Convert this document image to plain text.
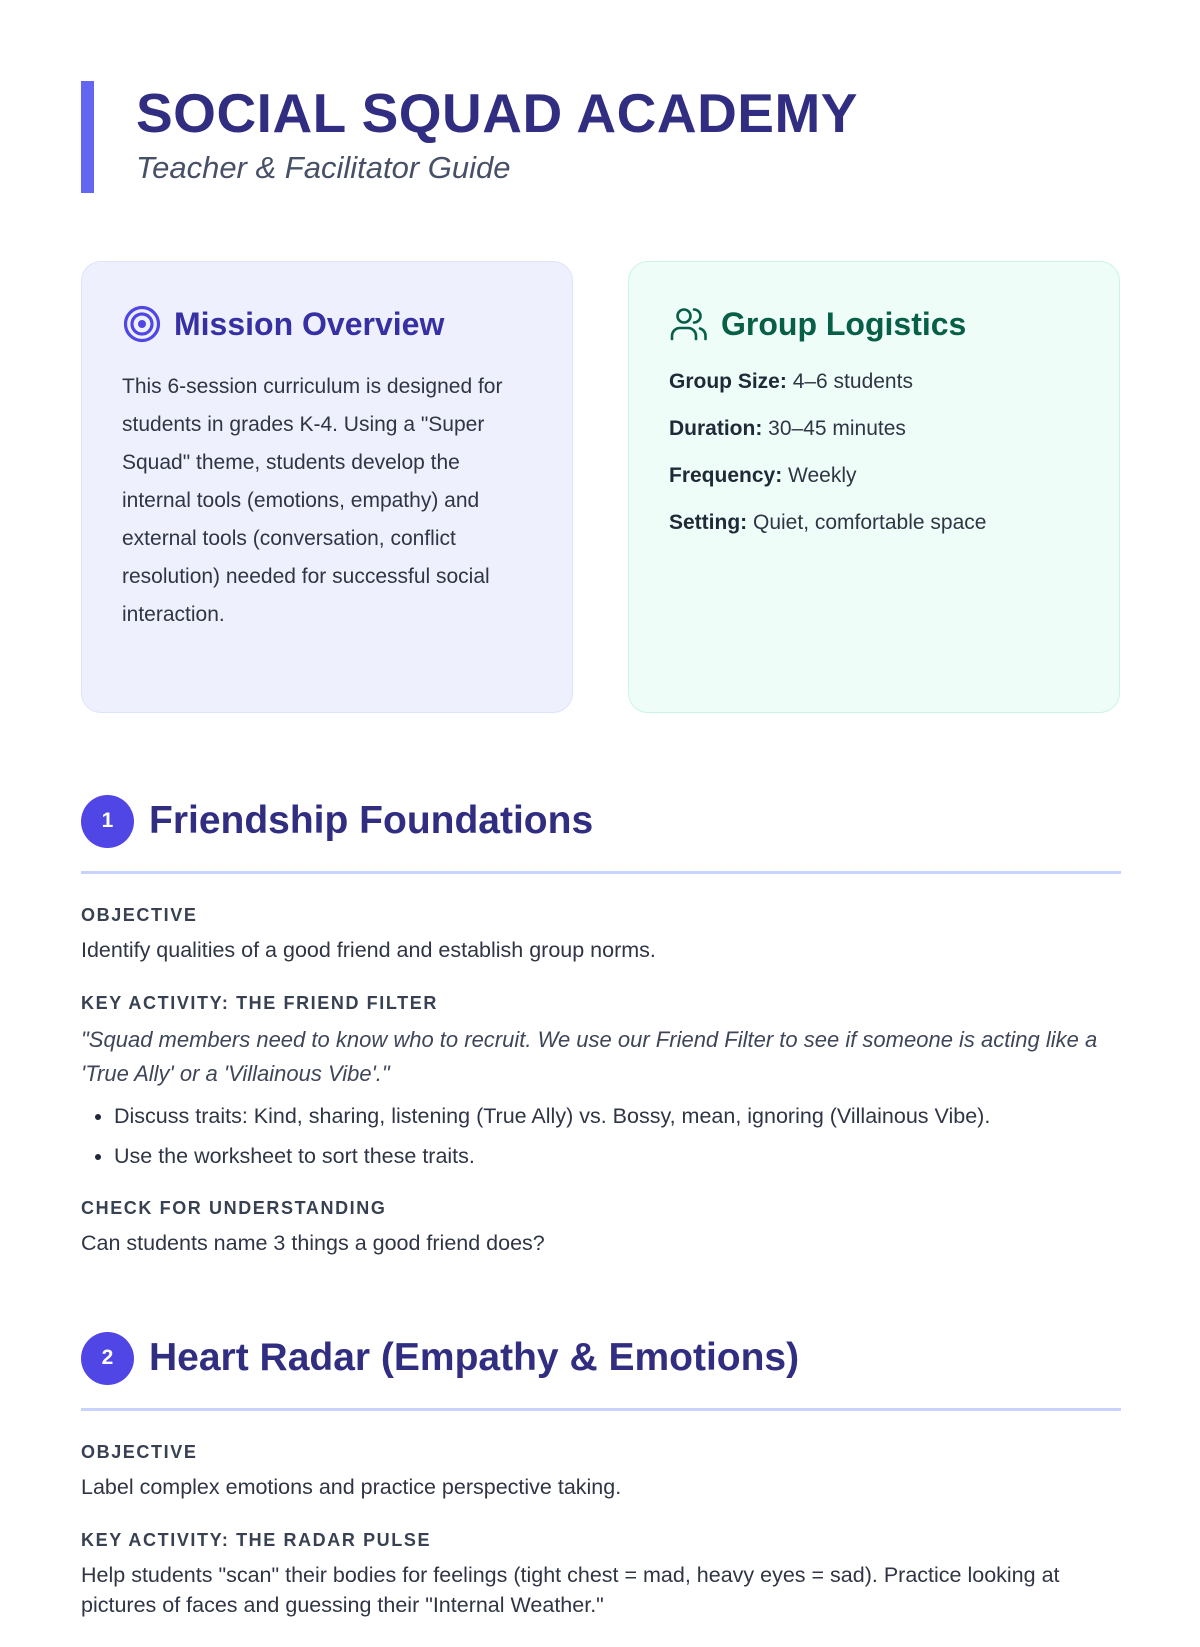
SOCIAL SQUAD ACADEMY

Teacher & Facilitator Guide

Mission Overview

This 6-session curriculum is designed for students in grades K-4. Using a "Super Squad" theme, students develop the internal tools (emotions, empathy) and external tools (conversation, conflict resolution) needed for successful social interaction.

Group Logistics
Group Size: 4–6 students
Duration: 30–45 minutes
Frequency: Weekly
Setting: Quiet, comfortable space
1 Friendship Foundations
OBJECTIVE

Identify qualities of a good friend and establish group norms.

KEY ACTIVITY: THE FRIEND FILTER

"Squad members need to know who to recruit. We use our Friend Filter to see if someone is acting like a 'True Ally' or a 'Villainous Vibe'."

• Discuss traits: Kind, sharing, listening (True Ally) vs. Bossy, mean, ignoring (Villainous Vibe).
• Use the worksheet to sort these traits.
CHECK FOR UNDERSTANDING

Can students name 3 things a good friend does?

2 Heart Radar (Empathy & Emotions)
OBJECTIVE

Label complex emotions and practice perspective taking.

KEY ACTIVITY: THE RADAR PULSE

Help students "scan" their bodies for feelings (tight chest = mad, heavy eyes = sad). Practice looking at pictures of faces and guessing their "Internal Weather."
